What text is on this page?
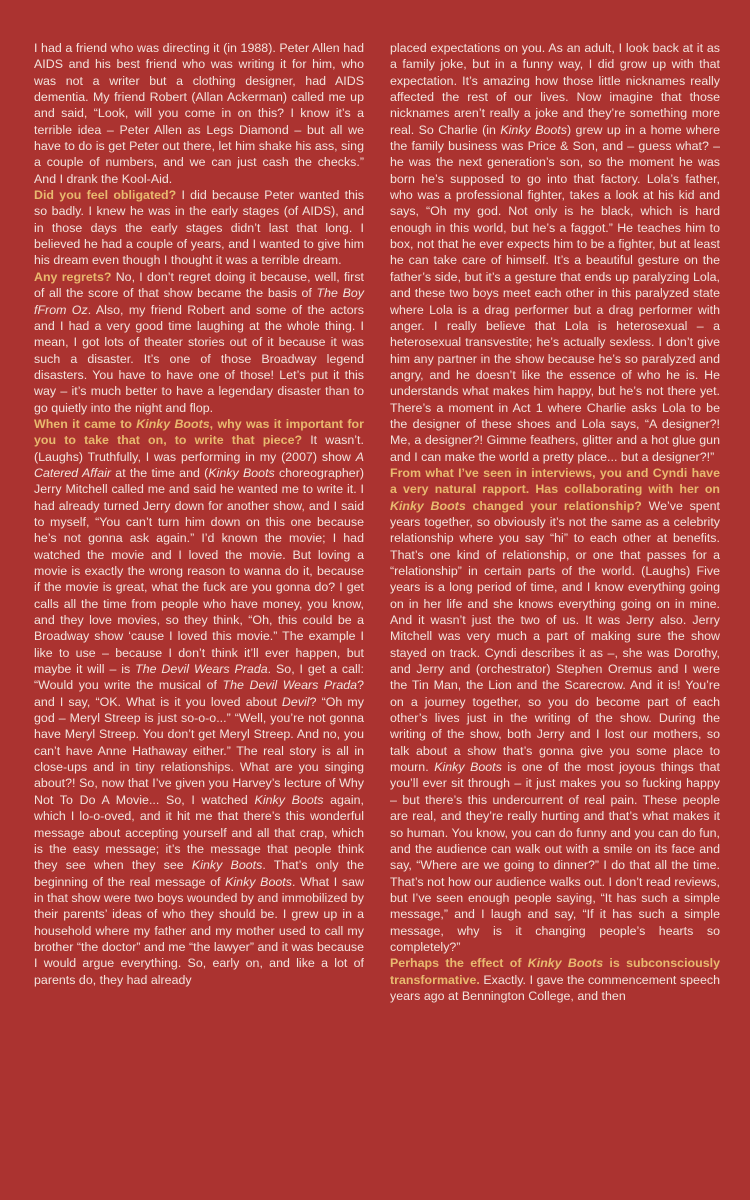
I had a friend who was directing it (in 1988). Peter Allen had AIDS and his best friend who was writing it for him, who was not a writer but a clothing designer, had AIDS dementia. My friend Robert (Allan Ackerman) called me up and said, “Look, will you come in on this? I know it’s a terrible idea – Peter Allen as Legs Diamond – but all we have to do is get Peter out there, let him shake his ass, sing a couple of numbers, and we can just cash the checks.” And I drank the Kool-Aid.

Did you feel obligated? I did because Peter wanted this so badly. I knew he was in the early stages (of AIDS), and in those days the early stages didn’t last that long. I believed he had a couple of years, and I wanted to give him his dream even though I thought it was a terrible dream.

Any regrets? No, I don’t regret doing it because, well, first of all the score of that show became the basis of The Boy fFrom Oz. Also, my friend Robert and some of the actors and I had a very good time laughing at the whole thing. I mean, I got lots of theater stories out of it because it was such a disaster. It’s one of those Broadway legend disasters. You have to have one of those! Let’s put it this way – it’s much better to have a legendary disaster than to go quietly into the night and flop.

When it came to Kinky Boots, why was it important for you to take that on, to write that piece? It wasn’t. (Laughs) Truthfully, I was performing in my (2007) show A Catered Affair at the time and (Kinky Boots choreographer) Jerry Mitchell called me and said he wanted me to write it. I had already turned Jerry down for another show, and I said to myself, “You can’t turn him down on this one because he’s not gonna ask again.” I’d known the movie; I had watched the movie and I loved the movie. But loving a movie is exactly the wrong reason to wanna do it, because if the movie is great, what the fuck are you gonna do? I get calls all the time from people who have money, you know, and they love movies, so they think, “Oh, this could be a Broadway show ‘cause I loved this movie.” The example I like to use – because I don’t think it’ll ever happen, but maybe it will – is The Devil Wears Prada. So, I get a call: “Would you write the musical of The Devil Wears Prada? and I say, “OK. What is it you loved about Devil? “Oh my god – Meryl Streep is just so-o-o...” “Well, you’re not gonna have Meryl Streep. You don’t get Meryl Streep. And no, you can’t have Anne Hathaway either.” The real story is all in close-ups and in tiny relationships. What are you singing about?! So, now that I’ve given you Harvey’s lecture of Why Not To Do A Movie... So, I watched Kinky Boots again, which I lo-o-oved, and it hit me that there’s this wonderful message about accepting yourself and all that crap, which is the easy message; it’s the message that people think they see when they see Kinky Boots. That’s only the beginning of the real message of Kinky Boots. What I saw in that show were two boys wounded by and immobilized by their parents’ ideas of who they should be. I grew up in a household where my father and my mother used to call my brother “the doctor” and me “the lawyer” and it was because I would argue everything. So, early on, and like a lot of parents do, they had already

placed expectations on you. As an adult, I look back at it as a family joke, but in a funny way, I did grow up with that expectation. It’s amazing how those little nicknames really affected the rest of our lives. Now imagine that those nicknames aren’t really a joke and they’re something more real. So Charlie (in Kinky Boots) grew up in a home where the family business was Price & Son, and – guess what? – he was the next generation’s son, so the moment he was born he’s supposed to go into that factory. Lola’s father, who was a professional fighter, takes a look at his kid and says, “Oh my god. Not only is he black, which is hard enough in this world, but he’s a faggot.” He teaches him to box, not that he ever expects him to be a fighter, but at least he can take care of himself. It’s a beautiful gesture on the father’s side, but it’s a gesture that ends up paralyzing Lola, and these two boys meet each other in this paralyzed state where Lola is a drag performer but a drag performer with anger. I really believe that Lola is heterosexual – a heterosexual transvestite; he’s actually sexless. I don’t give him any partner in the show because he’s so paralyzed and angry, and he doesn’t like the essence of who he is. He understands what makes him happy, but he’s not there yet. There’s a moment in Act 1 where Charlie asks Lola to be the designer of these shoes and Lola says, “A designer?! Me, a designer?! Gimme feathers, glitter and a hot glue gun and I can make the world a pretty place... but a designer?!”

From what I’ve seen in interviews, you and Cyndi have a very natural rapport. Has collaborating with her on Kinky Boots changed your relationship? We’ve spent years together, so obviously it’s not the same as a celebrity relationship where you say “hi” to each other at benefits. That’s one kind of relationship, or one that passes for a “relationship” in certain parts of the world. (Laughs) Five years is a long period of time, and I know everything going on in her life and she knows everything going on in mine. And it wasn’t just the two of us. It was Jerry also. Jerry Mitchell was very much a part of making sure the show stayed on track. Cyndi describes it as –, she was Dorothy, and Jerry and (orchestrator) Stephen Oremus and I were the Tin Man, the Lion and the Scarecrow. And it is! You’re on a journey together, so you do become part of each other’s lives just in the writing of the show. During the writing of the show, both Jerry and I lost our mothers, so talk about a show that’s gonna give you some place to mourn. Kinky Boots is one of the most joyous things that you’ll ever sit through – it just makes you so fucking happy – but there’s this undercurrent of real pain. These people are real, and they’re really hurting and that’s what makes it so human. You know, you can do funny and you can do fun, and the audience can walk out with a smile on its face and say, “Where are we going to dinner?” I do that all the time. That’s not how our audience walks out. I don’t read reviews, but I’ve seen enough people saying, “It has such a simple message,” and I laugh and say, “If it has such a simple message, why is it changing people’s hearts so completely?”

Perhaps the effect of Kinky Boots is subconsciously transformative. Exactly. I gave the commencement speech years ago at Bennington College, and then
